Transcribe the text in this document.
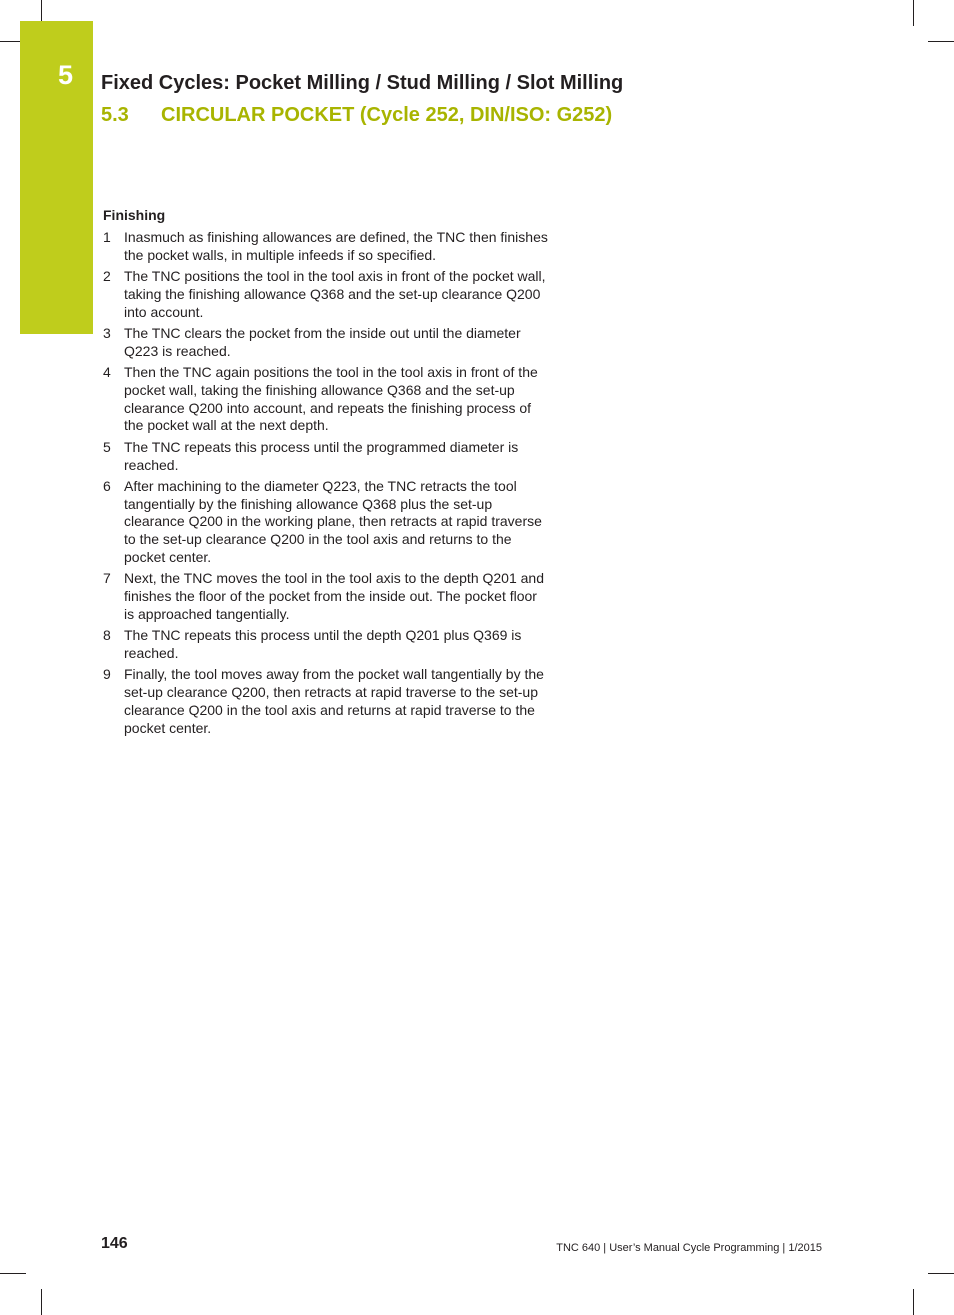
5 Fixed Cycles: Pocket Milling / Stud Milling / Slot Milling
5.3 CIRCULAR POCKET (Cycle 252, DIN/ISO: G252)
Finishing
1 Inasmuch as finishing allowances are defined, the TNC then finishes the pocket walls, in multiple infeeds if so specified.
2 The TNC positions the tool in the tool axis in front of the pocket wall, taking the finishing allowance Q368 and the set-up clearance Q200 into account.
3 The TNC clears the pocket from the inside out until the diameter Q223 is reached.
4 Then the TNC again positions the tool in the tool axis in front of the pocket wall, taking the finishing allowance Q368 and the set-up clearance Q200 into account, and repeats the finishing process of the pocket wall at the next depth.
5 The TNC repeats this process until the programmed diameter is reached.
6 After machining to the diameter Q223, the TNC retracts the tool tangentially by the finishing allowance Q368 plus the set-up clearance Q200 in the working plane, then retracts at rapid traverse to the set-up clearance Q200 in the tool axis and returns to the pocket center.
7 Next, the TNC moves the tool in the tool axis to the depth Q201 and finishes the floor of the pocket from the inside out. The pocket floor is approached tangentially.
8 The TNC repeats this process until the depth Q201 plus Q369 is reached.
9 Finally, the tool moves away from the pocket wall tangentially by the set-up clearance Q200, then retracts at rapid traverse to the set-up clearance Q200 in the tool axis and returns at rapid traverse to the pocket center.
146	TNC 640 | User’s Manual Cycle Programming | 1/2015
